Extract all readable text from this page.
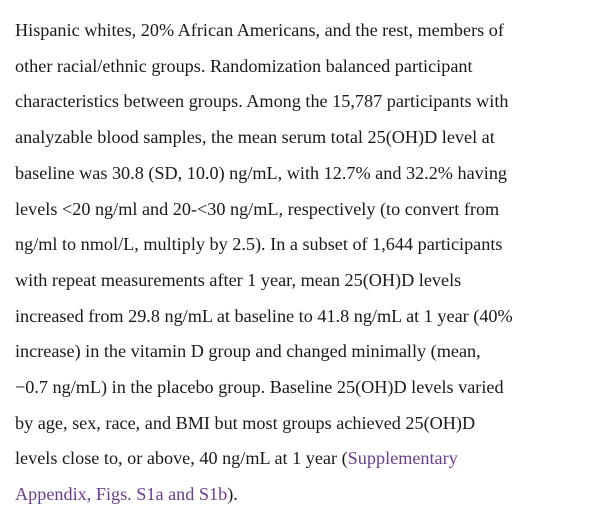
Hispanic whites, 20% African Americans, and the rest, members of
other racial/ethnic groups. Randomization balanced participant
characteristics between groups. Among the 15,787 participants with
analyzable blood samples, the mean serum total 25(OH)D level at
baseline was 30.8 (SD, 10.0) ng/mL, with 12.7% and 32.2% having
levels <20 ng/ml and 20-<30 ng/mL, respectively (to convert from
ng/ml to nmol/L, multiply by 2.5). In a subset of 1,644 participants
with repeat measurements after 1 year, mean 25(OH)D levels
increased from 29.8 ng/mL at baseline to 41.8 ng/mL at 1 year (40%
increase) in the vitamin D group and changed minimally (mean,
−0.7 ng/mL) in the placebo group. Baseline 25(OH)D levels varied
by age, sex, race, and BMI but most groups achieved 25(OH)D
levels close to, or above, 40 ng/mL at 1 year (Supplementary
Appendix, Figs. S1a and S1b).
